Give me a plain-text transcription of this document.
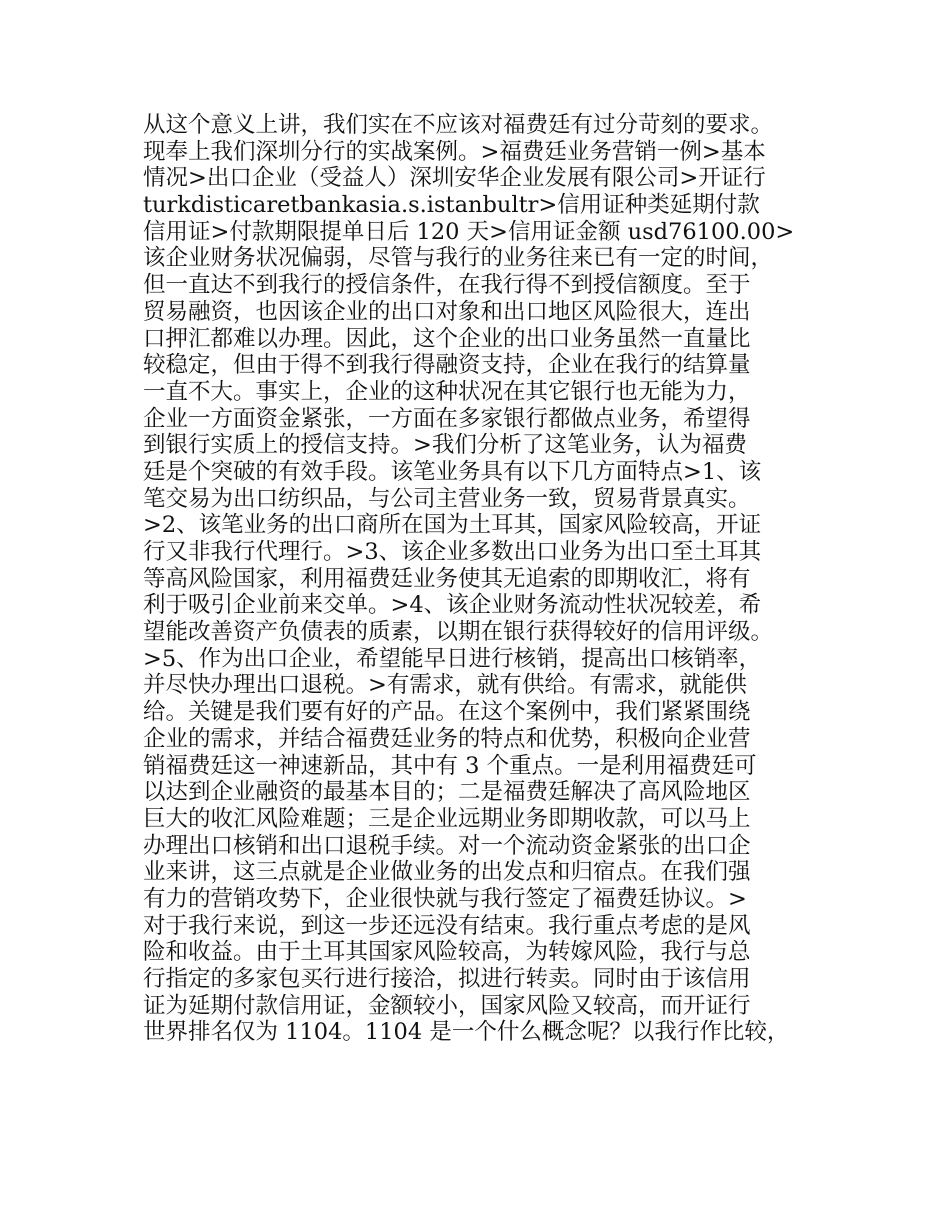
从这个意义上讲，我们实在不应该对福费廷有过分苛刻的要求。
现奉上我们深圳分行的实战案例。>福费廷业务营销一例>基本
情况>出口企业（受益人）深圳安华企业发展有限公司>开证行
turkdisticaretbankasia.s.istanbultr>信用证种类延期付款
信用证>付款期限提单日后 120 天>信用证金额 usd76100.00>
该企业财务状况偏弱，尽管与我行的业务往来已有一定的时间，
但一直达不到我行的授信条件，在我行得不到授信额度。至于
贸易融资，也因该企业的出口对象和出口地区风险很大，连出
口押汇都难以办理。因此，这个企业的出口业务虽然一直量比
较稳定，但由于得不到我行得融资支持，企业在我行的结算量
一直不大。事实上，企业的这种状况在其它银行也无能为力，
企业一方面资金紧张，一方面在多家银行都做点业务，希望得
到银行实质上的授信支持。>我们分析了这笔业务，认为福费
廷是个突破的有效手段。该笔业务具有以下几方面特点>1、该
笔交易为出口纺织品，与公司主营业务一致，贸易背景真实。
>2、该笔业务的出口商所在国为土耳其，国家风险较高，开证
行又非我行代理行。>3、该企业多数出口业务为出口至土耳其
等高风险国家，利用福费廷业务使其无追索的即期收汇，将有
利于吸引企业前来交单。>4、该企业财务流动性状况较差，希
望能改善资产负债表的质素，以期在银行获得较好的信用评级。
>5、作为出口企业，希望能早日进行核销，提高出口核销率，
并尽快办理出口退税。>有需求，就有供给。有需求，就能供
给。关键是我们要有好的产品。在这个案例中，我们紧紧围绕
企业的需求，并结合福费廷业务的特点和优势，积极向企业营
销福费廷这一神速新品，其中有 3 个重点。一是利用福费廷可
以达到企业融资的最基本目的；二是福费廷解决了高风险地区
巨大的收汇风险难题；三是企业远期业务即期收款，可以马上
办理出口核销和出口退税手续。对一个流动资金紧张的出口企
业来讲，这三点就是企业做业务的出发点和归宿点。在我们强
有力的营销攻势下，企业很快就与我行签定了福费廷协议。>
对于我行来说，到这一步还远没有结束。我行重点考虑的是风
险和收益。由于土耳其国家风险较高，为转嫁风险，我行与总
行指定的多家包买行进行接洽，拟进行转卖。同时由于该信用
证为延期付款信用证，金额较小，国家风险又较高，而开证行
世界排名仅为 1104。1104 是一个什么概念呢？以我行作比较，
